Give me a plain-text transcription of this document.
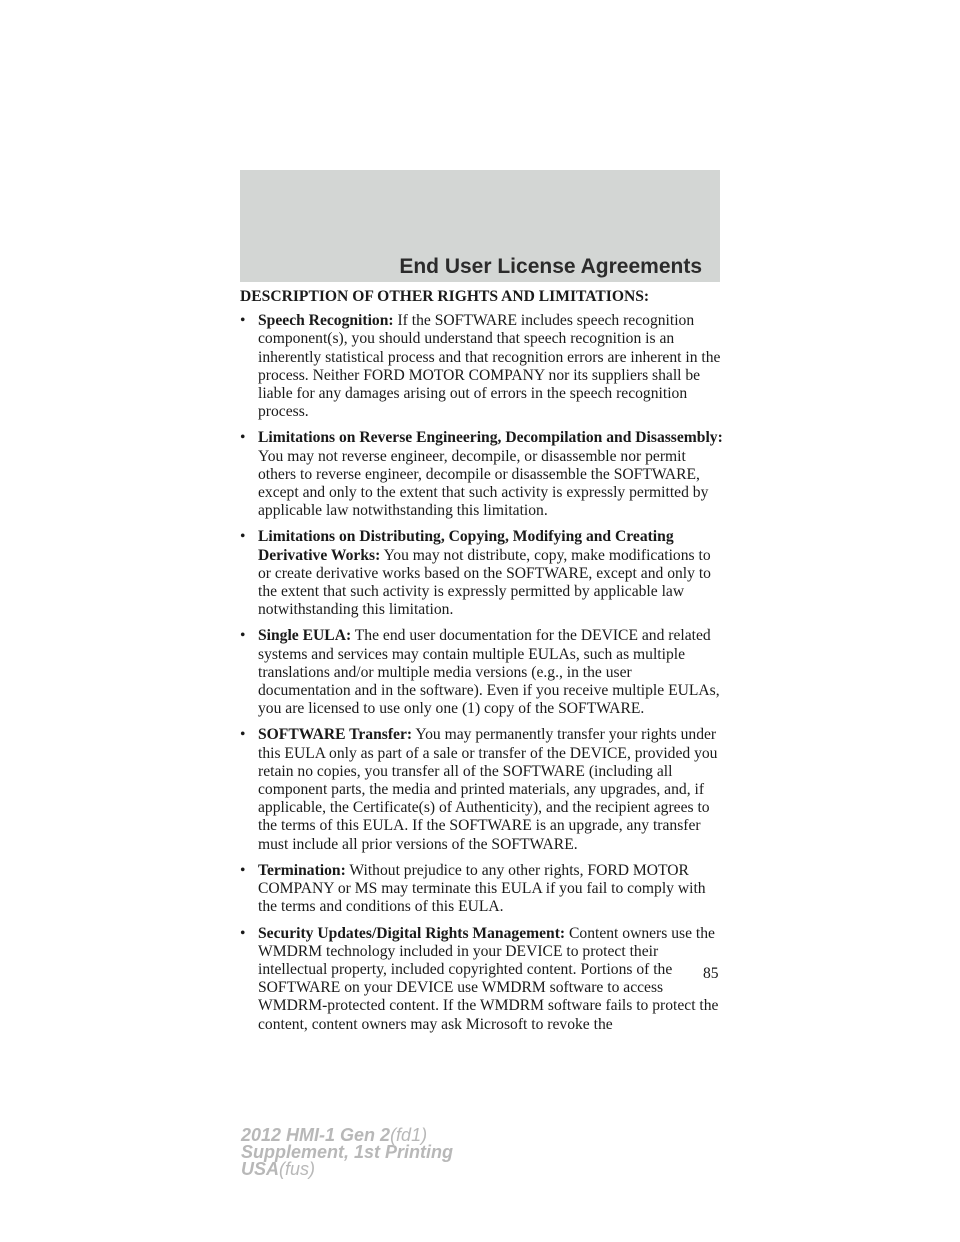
End User License Agreements
DESCRIPTION OF OTHER RIGHTS AND LIMITATIONS:
• Speech Recognition: If the SOFTWARE includes speech recognition component(s), you should understand that speech recognition is an inherently statistical process and that recognition errors are inherent in the process. Neither FORD MOTOR COMPANY nor its suppliers shall be liable for any damages arising out of errors in the speech recognition process.
• Limitations on Reverse Engineering, Decompilation and Disassembly: You may not reverse engineer, decompile, or disassemble nor permit others to reverse engineer, decompile or disassemble the SOFTWARE, except and only to the extent that such activity is expressly permitted by applicable law notwithstanding this limitation.
• Limitations on Distributing, Copying, Modifying and Creating Derivative Works: You may not distribute, copy, make modifications to or create derivative works based on the SOFTWARE, except and only to the extent that such activity is expressly permitted by applicable law notwithstanding this limitation.
• Single EULA: The end user documentation for the DEVICE and related systems and services may contain multiple EULAs, such as multiple translations and/or multiple media versions (e.g., in the user documentation and in the software). Even if you receive multiple EULAs, you are licensed to use only one (1) copy of the SOFTWARE.
• SOFTWARE Transfer: You may permanently transfer your rights under this EULA only as part of a sale or transfer of the DEVICE, provided you retain no copies, you transfer all of the SOFTWARE (including all component parts, the media and printed materials, any upgrades, and, if applicable, the Certificate(s) of Authenticity), and the recipient agrees to the terms of this EULA. If the SOFTWARE is an upgrade, any transfer must include all prior versions of the SOFTWARE.
• Termination: Without prejudice to any other rights, FORD MOTOR COMPANY or MS may terminate this EULA if you fail to comply with the terms and conditions of this EULA.
• Security Updates/Digital Rights Management: Content owners use the WMDRM technology included in your DEVICE to protect their intellectual property, included copyrighted content. Portions of the SOFTWARE on your DEVICE use WMDRM software to access WMDRM-protected content. If the WMDRM software fails to protect the content, content owners may ask Microsoft to revoke the
85
2012 HMI-1 Gen 2(fd1)
Supplement, 1st Printing
USA(fus)
